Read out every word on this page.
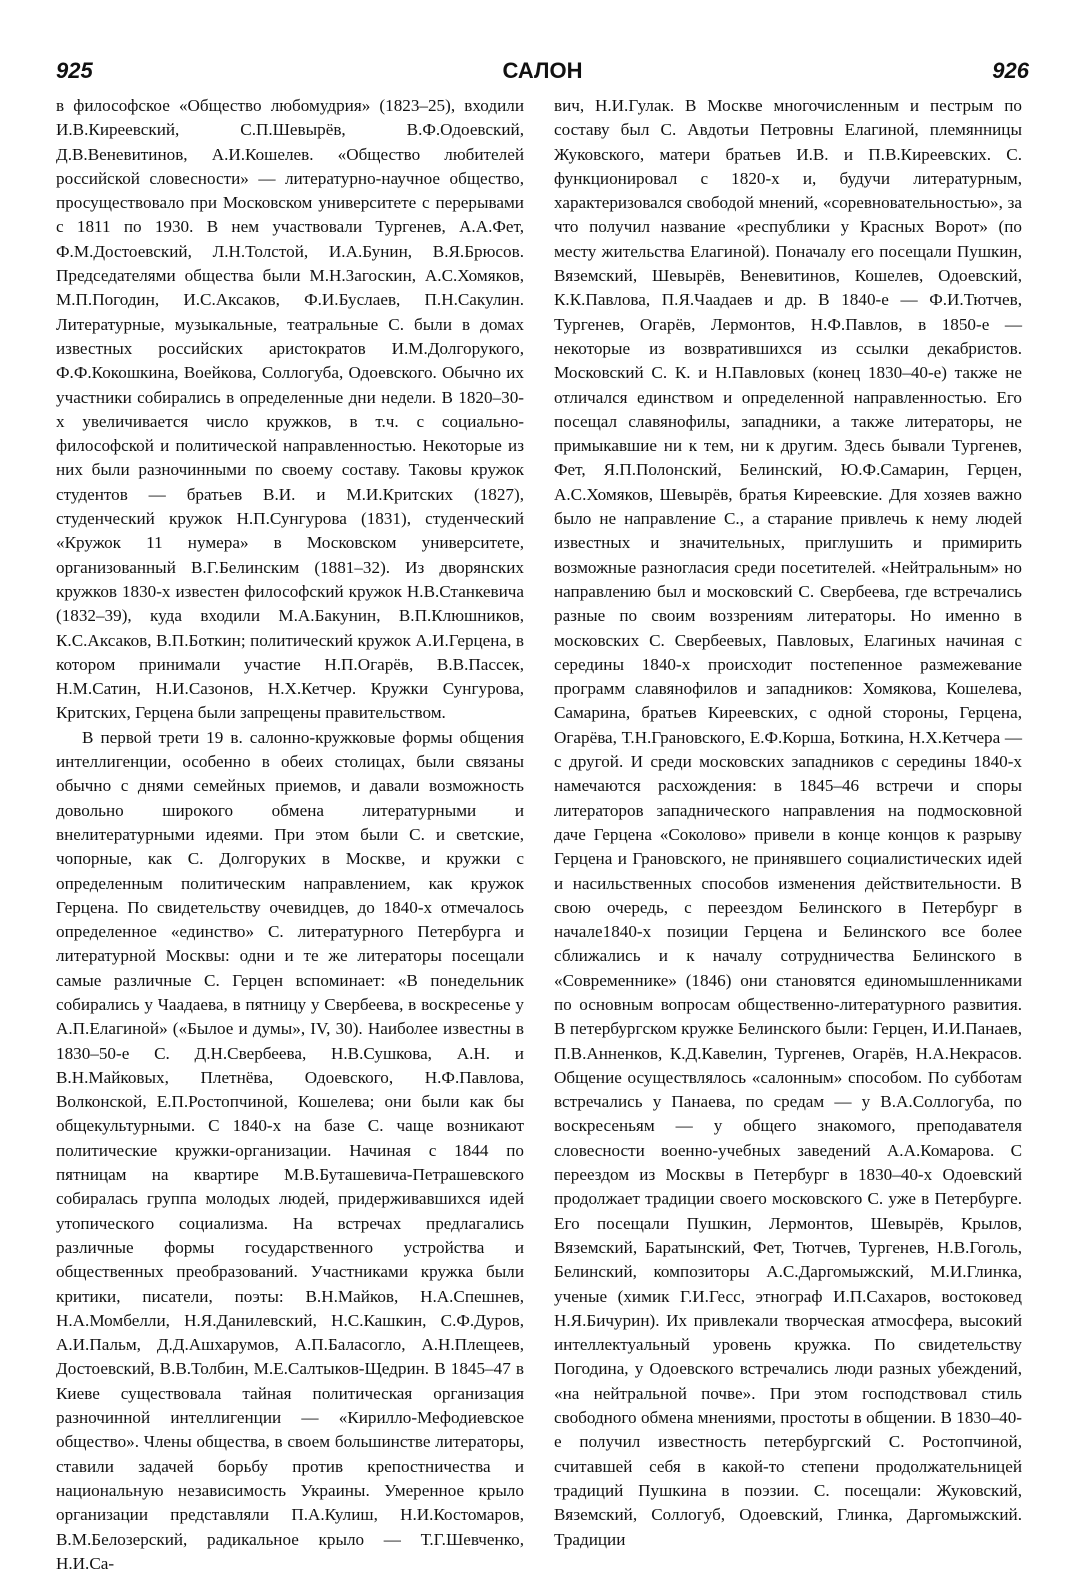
925	САЛОН	926

в философское «Общество любомудрия» (1823–25), входили И.В.Киреевский, С.П.Шевырёв, В.Ф.Одоевский, Д.В.Веневитинов, А.И.Кошелев. «Общество любителей российской словесности» — литературно-научное общество, просуществовало при Московском университете с перерывами с 1811 по 1930. В нем участвовали Тургенев, А.А.Фет, Ф.М.Достоевский, Л.Н.Толстой, И.А.Бунин, В.Я.Брюсов. Председателями общества были М.Н.Загоскин, А.С.Хомяков, М.П.Погодин, И.С.Аксаков, Ф.И.Буслаев, П.Н.Сакулин. Литературные, музыкальные, театральные С. были в домах известных российских аристократов И.М.Долгорукого, Ф.Ф.Кокошкина, Воейкова, Соллогуба, Одоевского. Обычно их участники собирались в определенные дни недели. В 1820–30-х увеличивается число кружков, в т.ч. с социально-философской и политической направленностью. Некоторые из них были разночинными по своему составу. Таковы кружок студентов — братьев В.И. и М.И.Критских (1827), студенческий кружок Н.П.Сунгурова (1831), студенческий «Кружок 11 нумера» в Московском университете, организованный В.Г.Белинским (1881–32). Из дворянских кружков 1830-х известен философский кружок Н.В.Станкевича (1832–39), куда входили М.А.Бакунин, В.П.Клюшников, К.С.Аксаков, В.П.Боткин; политический кружок А.И.Герцена, в котором принимали участие Н.П.Огарёв, В.В.Пассек, Н.М.Сатин, Н.И.Сазонов, Н.Х.Кетчер. Кружки Сунгурова, Критских, Герцена были запрещены правительством.

В первой трети 19 в. салонно-кружковые формы общения интеллигенции, особенно в обеих столицах, были связаны обычно с днями семейных приемов, и давали возможность довольно широкого обмена литературными и внелитературными идеями. При этом были С. и светские, чопорные, как С. Долгоруких в Москве, и кружки с определенным политическим направлением, как кружок Герцена. По свидетельству очевидцев, до 1840-х отмечалось определенное «единство» С. литературного Петербурга и литературной Москвы: одни и те же литераторы посещали самые различные С. Герцен вспоминает: «В понедельник собирались у Чаадаева, в пятницу у Свербеева, в воскресенье у А.П.Елагиной» («Былое и думы», IV, 30). Наиболее известны в 1830–50-е С. Д.Н.Свербеева, Н.В.Сушкова, А.Н. и В.Н.Майковых, Плетнёва, Одоевского, Н.Ф.Павлова, Волконской, Е.П.Ростопчиной, Кошелева; они были как бы общекультурными. С 1840-х на базе С. чаще возникают политические кружки-организации. Начиная с 1844 по пятницам на квартире М.В.Буташевича-Петрашевского собиралась группа молодых людей, придерживавшихся идей утопического социализма. На встречах предлагались различные формы государственного устройства и общественных преобразований. Участниками кружка были критики, писатели, поэты: В.Н.Майков, Н.А.Спешнев, Н.А.Момбелли, Н.Я.Данилевский, Н.С.Кашкин, С.Ф.Дуров, А.И.Пальм, Д.Д.Ашхарумов, А.П.Баласогло, А.Н.Плещеев, Достоевский, В.В.Толбин, М.Е.Салтыков-Щедрин. В 1845–47 в Киеве существовала тайная политическая организация разночинной интеллигенции — «Кирилло-Мефодиевское общество». Члены общества, в своем большинстве литераторы, ставили задачей борьбу против крепостничества и национальную независимость Украины. Умеренное крыло организации представляли П.А.Кулиш, Н.И.Костомаров, В.М.Белозерский, радикальное крыло — Т.Г.Шевченко, Н.И.Са-

вич, Н.И.Гулак. В Москве многочисленным и пестрым по составу был С. Авдотьи Петровны Елагиной, племянницы Жуковского, матери братьев И.В. и П.В.Киреевских. С. функционировал с 1820-х и, будучи литературным, характеризовался свободой мнений, «соревновательностью», за что получил название «республики у Красных Ворот» (по месту жительства Елагиной). Поначалу его посещали Пушкин, Вяземский, Шевырёв, Веневитинов, Кошелев, Одоевский, К.К.Павлова, П.Я.Чаадаев и др. В 1840-е — Ф.И.Тютчев, Тургенев, Огарёв, Лермонтов, Н.Ф.Павлов, в 1850-е — некоторые из возвратившихся из ссылки декабристов. Московский С. К. и Н.Павловых (конец 1830–40-е) также не отличался единством и определенной направленностью. Его посещал славянофилы, западники, а также литераторы, не примыкавшие ни к тем, ни к другим. Здесь бывали Тургенев, Фет, Я.П.Полонский, Белинский, Ю.Ф.Самарин, Герцен, А.С.Хомяков, Шевырёв, братья Киреевские. Для хозяев важно было не направление С., а старание привлечь к нему людей известных и значительных, приглушить и примирить возможные разногласия среди посетителей. «Нейтральным» но направлению был и московский С. Свербеева, где встречались разные по своим воззрениям литераторы. Но именно в московских С. Свербеевых, Павловых, Елагиных начиная с середины 1840-х происходит постепенное размежевание программ славянофилов и западников: Хомякова, Кошелева, Самарина, братьев Киреевских, с одной стороны, Герцена, Огарёва, Т.Н.Грановского, Е.Ф.Корша, Боткина, Н.Х.Кетчера — с другой. И среди московских западников с середины 1840-х намечаются расхождения: в 1845–46 встречи и споры литераторов западнического направления на подмосковной даче Герцена «Соколово» привели в конце концов к разрыву Герцена и Грановского, не принявшего социалистических идей и насильственных способов изменения действительности. В свою очередь, с переездом Белинского в Петербург в начале1840-х позиции Герцена и Белинского все более сближались и к началу сотрудничества Белинского в «Современнике» (1846) они становятся единомышленниками по основным вопросам общественно-литературного развития. В петербургском кружке Белинского были: Герцен, И.И.Панаев, П.В.Анненков, К.Д.Кавелин, Тургенев, Огарёв, Н.А.Некрасов. Общение осуществлялось «салонным» способом. По субботам встречались у Панаева, по средам — у В.А.Соллогуба, по воскресеньям — у общего знакомого, преподавателя словесности военно-учебных заведений А.А.Комарова. С переездом из Москвы в Петербург в 1830–40-х Одоевский продолжает традиции своего московского С. уже в Петербурге. Его посещали Пушкин, Лермонтов, Шевырёв, Крылов, Вяземский, Баратынский, Фет, Тютчев, Тургенев, Н.В.Гоголь, Белинский, композиторы А.С.Даргомыжский, М.И.Глинка, ученые (химик Г.И.Гесс, этнограф И.П.Сахаров, востоковед Н.Я.Бичурин). Их привлекали творческая атмосфера, высокий интеллектуальный уровень кружка. По свидетельству Погодина, у Одоевского встречались люди разных убеждений, «на нейтральной почве». При этом господствовал стиль свободного обмена мнениями, простоты в общении. В 1830–40-е получил известность петербургский С. Ростопчиной, считавшей себя в какой-то степени продолжательницей традиций Пушкина в поэзии. С. посещали: Жуковский, Вяземский, Соллогуб, Одоевский, Глинка, Даргомыжский. Традиции
